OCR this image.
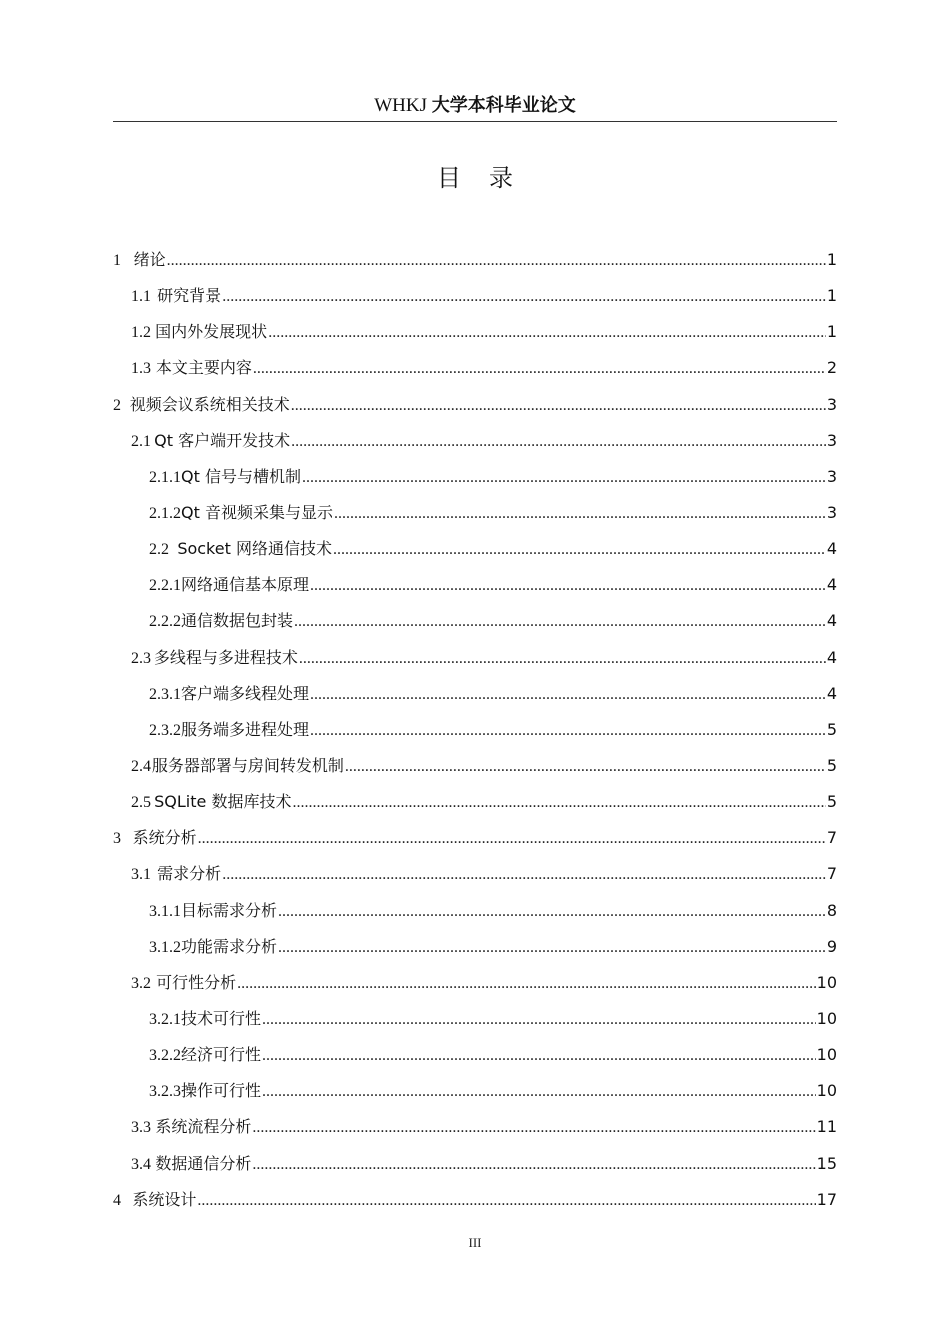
WHKJ 大学本科毕业论文
目录
1 绪论 .....	1
1.1 研究背景 .....	1
1.2 国内外发展现状 .....	1
1.3 本文主要内容 .....	2
2 视频会议系统相关技术 .....	3
2.1 Qt 客户端开发技术 .....	3
2.1.1 Qt 信号与槽机制 .....	3
2.1.2 Qt 音视频采集与显示 .....	3
2.2 Socket 网络通信技术 .....	4
2.2.1 网络通信基本原理 .....	4
2.2.2 通信数据包封装 .....	4
2.3 多线程与多进程技术 .....	4
2.3.1 客户端多线程处理 .....	4
2.3.2 服务端多进程处理 .....	5
2.4 服务器部署与房间转发机制 .....	5
2.5 SQLite 数据库技术 .....	5
3 系统分析 .....	7
3.1 需求分析 .....	7
3.1.1 目标需求分析 .....	8
3.1.2 功能需求分析 .....	9
3.2 可行性分析 .....	10
3.2.1 技术可行性 .....	10
3.2.2 经济可行性 .....	10
3.2.3 操作可行性 .....	10
3.3 系统流程分析 .....	11
3.4 数据通信分析 .....	15
4 系统设计 .....	17
III
